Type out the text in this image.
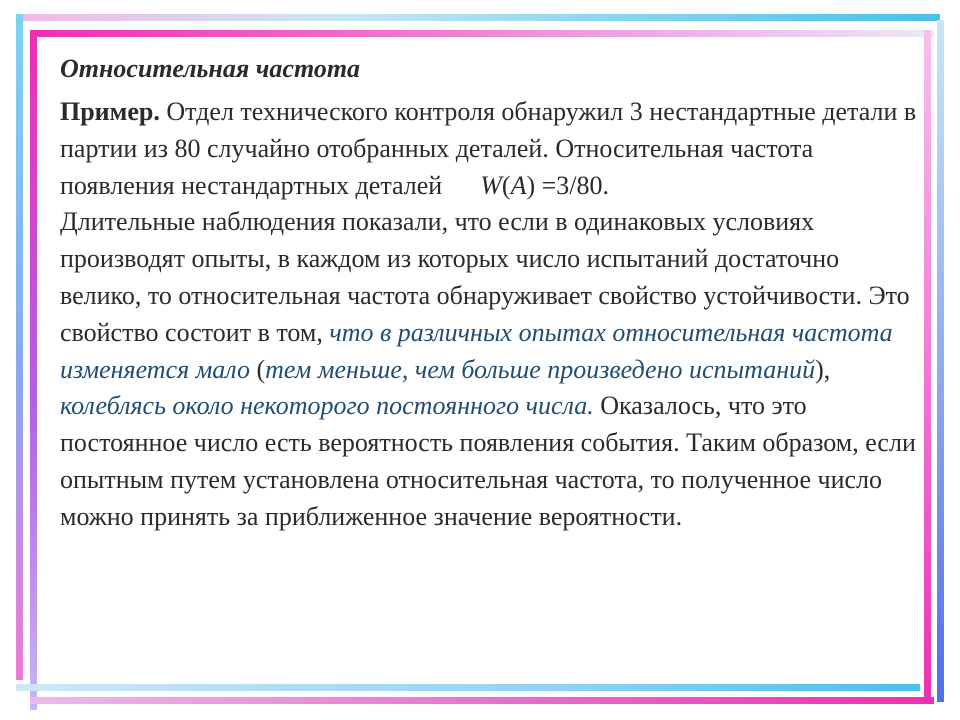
Относительная частота

Пример. Отдел технического контроля обнаружил 3 нестандартные детали в партии из 80 случайно отобранных деталей. Относительная частота появления нестандартных деталей W(A) =3/80.

Длительные наблюдения показали, что если в одинаковых условиях производят опыты, в каждом из которых число испытаний достаточно велико, то относительная частота обнаруживает свойство устойчивости. Это свойство состоит в том, что в различных опытах относительная частота изменяется мало (тем меньше, чем больше произведено испытаний), колеблясь около некоторого постоянного числа. Оказалось, что это постоянное число есть вероятность появления события. Таким образом, если опытным путем установлена относительная частота, то полученное число можно принять за приближенное значение вероятности.
